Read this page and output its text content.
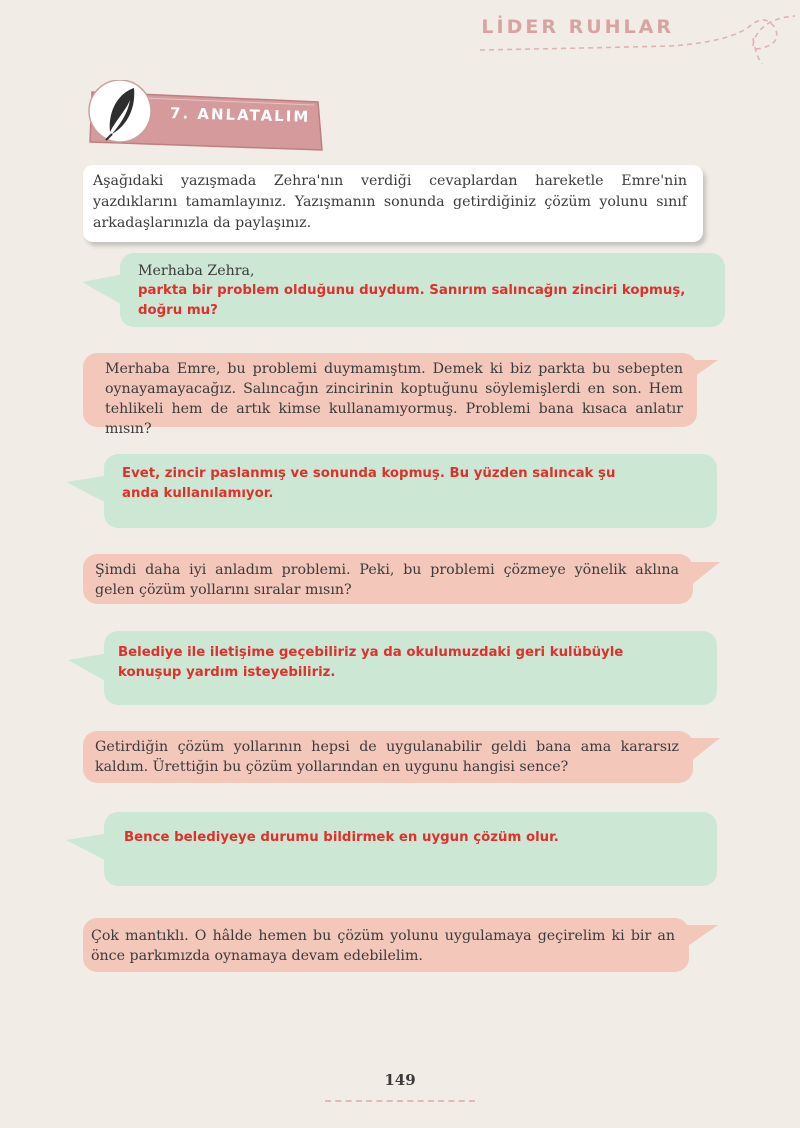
LİDER RUHLAR
7. ANLATALIM
Aşağıdaki yazışmada Zehra'nın verdiği cevaplardan hareketle Emre'nin yazdıklarını tamamlayınız. Yazışmanın sonunda getirdiğiniz çözüm yolunu sınıf arkadaşlarınızla da paylaşınız.
Merhaba Zehra,
parkta bir problem olduğunu duydum. Sanırım salıncağın zinciri kopmuş, doğru mu?
Merhaba Emre, bu problemi duymamıştım. Demek ki biz parkta bu sebepten oynayamayacağız. Salıncağın zincirinin koptuğunu söylemişlerdi en son. Hem tehlikeli hem de artık kimse kullanamıyormuş. Problemi bana kısaca anlatır mısın?
Evet, zincir paslanmış ve sonunda kopmuş. Bu yüzden salıncak şu anda kullanılamıyor.
Şimdi daha iyi anladım problemi. Peki, bu problemi çözmeye yönelik aklına gelen çözüm yollarını sıralar mısın?
Belediye ile iletişime geçebiliriz ya da okulumuzdaki geri kulübüyle konuşup yardım isteyebiliriz.
Getirdiğin çözüm yollarının hepsi de uygulanabilir geldi bana ama kararsız kaldım. Ürettiğin bu çözüm yollarından en uygunu hangisi sence?
Bence belediyeye durumu bildirmek en uygun çözüm olur.
Çok mantıklı. O hâlde hemen bu çözüm yolunu uygulamaya geçirelim ki bir an önce parkımızda oynamaya devam edebilelim.
149
